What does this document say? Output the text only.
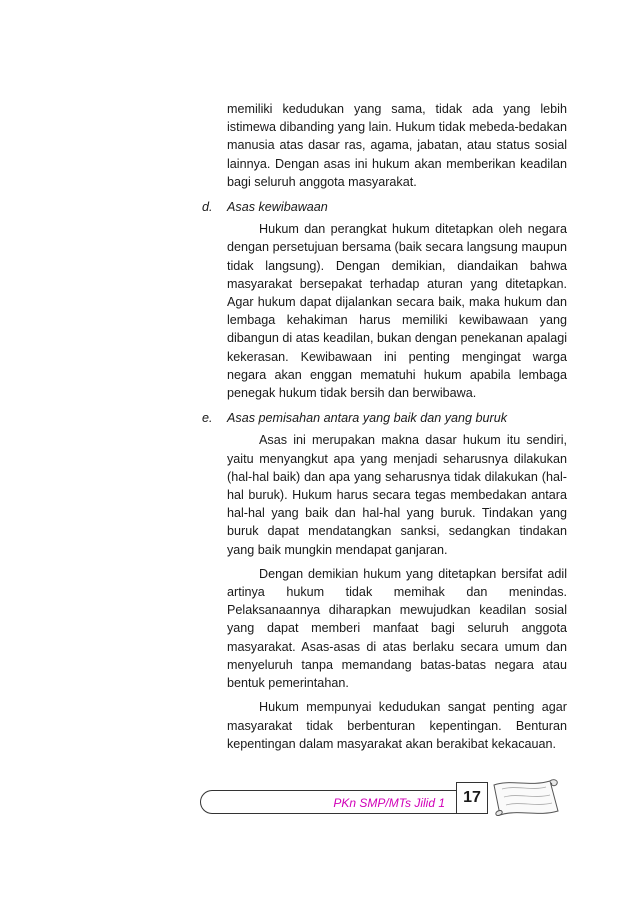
memiliki kedudukan yang sama, tidak ada yang lebih istimewa dibanding yang lain. Hukum tidak mebeda-bedakan manusia atas dasar ras, agama, jabatan, atau status sosial lainnya. Dengan asas ini hukum akan memberikan keadilan bagi seluruh anggota masyarakat.

d.	Asas kewibawaan

Hukum dan perangkat hukum ditetapkan oleh negara dengan persetujuan bersama (baik secara langsung maupun tidak langsung). Dengan demikian, diandaikan bahwa masyarakat bersepakat terhadap aturan yang ditetapkan. Agar hukum dapat dijalankan secara baik, maka hukum dan lembaga kehakiman harus memiliki kewibawaan yang dibangun di atas keadilan, bukan dengan penekanan apalagi kekerasan. Kewibawaan ini penting mengingat warga negara akan enggan mematuhi hukum apabila lembaga penegak hukum tidak bersih dan berwibawa.

e.	Asas pemisahan antara yang baik dan yang buruk

Asas ini merupakan makna dasar hukum itu sendiri, yaitu menyangkut apa yang menjadi seharusnya dilakukan (hal-hal baik) dan apa yang seharusnya tidak dilakukan (hal-hal buruk). Hukum harus secara tegas membedakan antara hal-hal yang baik dan hal-hal yang buruk. Tindakan yang buruk dapat mendatangkan sanksi, sedangkan tindakan yang baik mungkin mendapat ganjaran.

Dengan demikian hukum yang ditetapkan bersifat adil artinya hukum tidak memihak dan menindas. Pelaksanaannya diharapkan mewujudkan keadilan sosial yang dapat memberi manfaat bagi seluruh anggota masyarakat. Asas-asas di atas berlaku secara umum dan menyeluruh tanpa memandang batas-batas negara atau bentuk pemerintahan.

Hukum mempunyai kedudukan sangat penting agar masyarakat tidak berbenturan kepentingan. Benturan kepentingan dalam masyarakat akan berakibat kekacauan.

PKn SMP/MTs Jilid 1	17
